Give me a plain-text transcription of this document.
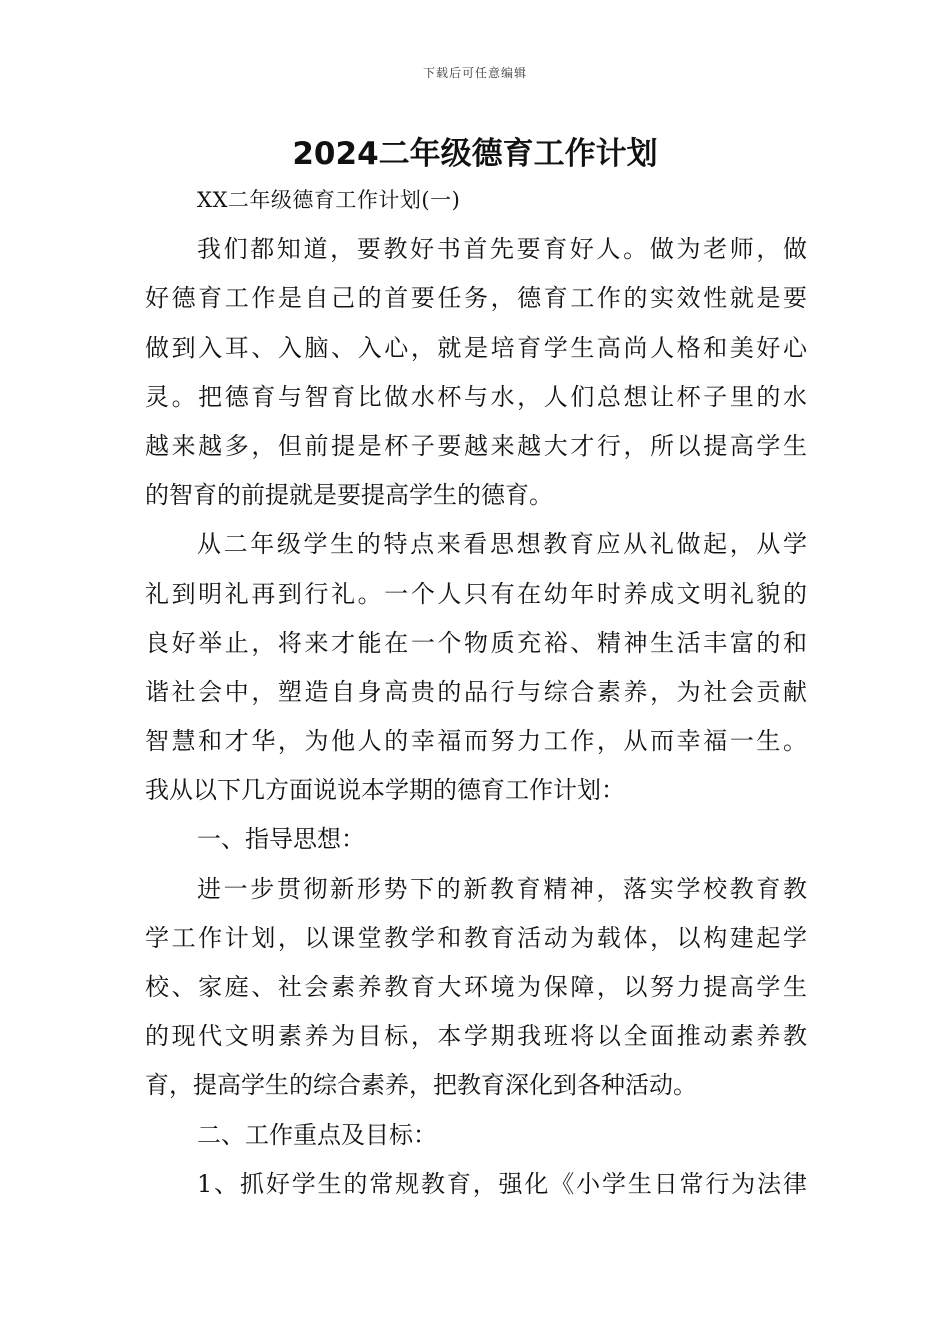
下载后可任意编辑
2024二年级德育工作计划
XX二年级德育工作计划(一)
我们都知道，要教好书首先要育好人。做为老师，做
好德育工作是自己的首要任务，德育工作的实效性就是要
做到入耳、入脑、入心，就是培育学生高尚人格和美好心
灵。把德育与智育比做水杯与水，人们总想让杯子里的水
越来越多，但前提是杯子要越来越大才行，所以提高学生
的智育的前提就是要提高学生的德育。
从二年级学生的特点来看思想教育应从礼做起，从学
礼到明礼再到行礼。一个人只有在幼年时养成文明礼貌的
良好举止，将来才能在一个物质充裕、精神生活丰富的和
谐社会中，塑造自身高贵的品行与综合素养，为社会贡献
智慧和才华，为他人的幸福而努力工作，从而幸福一生。
我从以下几方面说说本学期的德育工作计划：
一、指导思想：
进一步贯彻新形势下的新教育精神，落实学校教育教
学工作计划，以课堂教学和教育活动为载体，以构建起学
校、家庭、社会素养教育大环境为保障，以努力提高学生
的现代文明素养为目标，本学期我班将以全面推动素养教
育，提高学生的综合素养，把教育深化到各种活动。
二、工作重点及目标：
1、抓好学生的常规教育，强化《小学生日常行为法律
